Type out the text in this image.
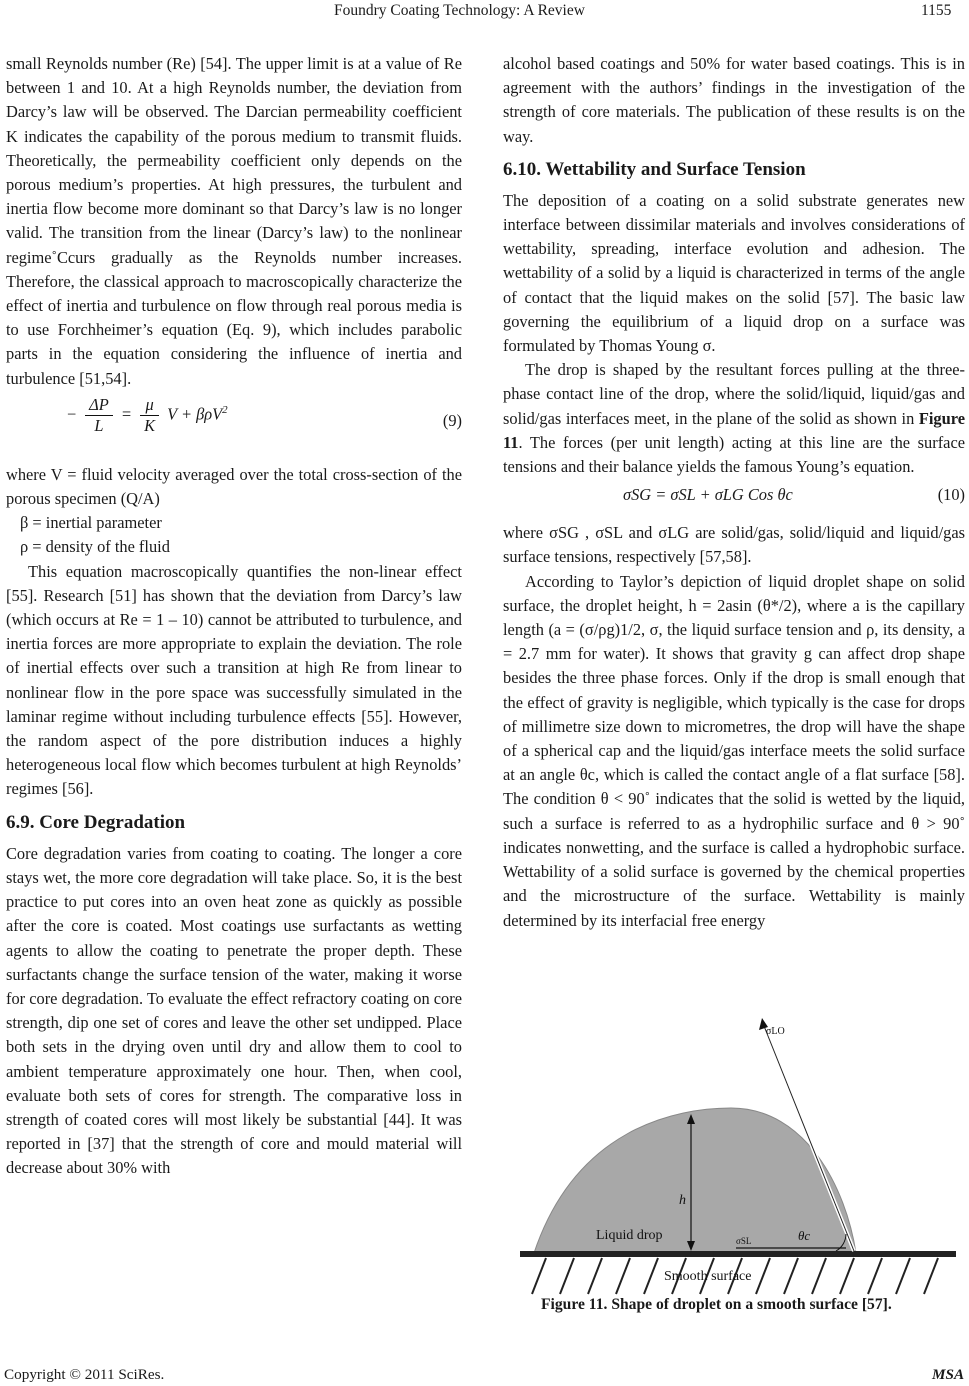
Foundry Coating Technology: A Review	1155

small Reynolds number (Re) [54]. The upper limit is at a value of Re between 1 and 10. At a high Reynolds number, the deviation from Darcy’s law will be observed. The Darcian permeability coefficient K indicates the capability of the porous medium to transmit fluids. Theoretically, the permeability coefficient only depends on the porous medium’s properties. At high pressures, the turbulent and inertia flow become more dominant so that Darcy’s law is no longer valid. The transition from the linear (Darcy’s law) to the nonlinear regime˚Ccurs gradually as the Reynolds number increases. Therefore, the classical approach to macroscopically characterize the effect of inertia and turbulence on flow through real porous media is to use Forchheimer’s equation (Eq. 9), which includes parabolic parts in the equation considering the influence of inertia and turbulence [51,54].

− $\frac{\Delta P}{L} = \frac{\mu}{K}$ V + βρV$^2$
(9)

where V = fluid velocity averaged over the total cross-section of the porous specimen (Q/A)

β = inertial parameter

ρ = density of the fluid

This equation macroscopically quantifies the non-linear effect [55]. Research [51] has shown that the deviation from Darcy’s law (which occurs at Re = 1 – 10) cannot be attributed to turbulence, and inertia forces are more appropriate to explain the deviation. The role of inertial effects over such a transition at high Re from linear to nonlinear flow in the pore space was successfully simulated in the laminar regime without including turbulence effects [55]. However, the random aspect of the pore distribution induces a highly heterogeneous local flow which becomes turbulent at high Reynolds’ regimes [56].

6.9. Core Degradation

Core degradation varies from coating to coating. The longer a core stays wet, the more core degradation will take place. So, it is the best practice to put cores into an oven heat zone as quickly as possible after the core is coated. Most coatings use surfactants as wetting agents to allow the coating to penetrate the proper depth. These surfactants change the surface tension of the water, making it worse for core degradation. To evaluate the effect refractory coating on core strength, dip one set of cores and leave the other set undipped. Place both sets in the drying oven until dry and allow them to cool to ambient temperature approximately one hour. Then, when cool, evaluate both sets of cores for strength. The comparative loss in strength of coated cores will most likely be substantial [44]. It was reported in [37] that the strength of core and mould material will decrease about 30% with

alcohol based coatings and 50% for water based coatings. This is in agreement with the authors’ findings in the investigation of the strength of core materials. The publication of these results is on the way.

6.10. Wettability and Surface Tension

The deposition of a coating on a solid substrate generates new interface between dissimilar materials and involves considerations of wettability, spreading, interface evolution and adhesion. The wettability of a solid by a liquid is characterized in terms of the angle of contact that the liquid makes on the solid [57]. The basic law governing the equilibrium of a liquid drop on a surface was formulated by Thomas Young σ.

The drop is shaped by the resultant forces pulling at the three-phase contact line of the drop, where the solid/liquid, liquid/gas and solid/gas interfaces meet, in the plane of the solid as shown in Figure 11. The forces (per unit length) acting at this line are the surface tensions and their balance yields the famous Young’s equation.

σSG = σSL + σLG Cos θc	(10)

where σSG , σSL and σLG are solid/gas, solid/liquid and liquid/gas surface tensions, respectively [57,58].

According to Taylor’s depiction of liquid droplet shape on solid surface, the droplet height, h = 2asin (θ*/2), where a is the capillary length (a = (σ/ρg)1/2, σ, the liquid surface tension and ρ, its density, a = 2.7 mm for water). It shows that gravity g can affect drop shape besides the three phase forces. Only if the drop is small enough that the effect of gravity is negligible, which typically is the case for drops of millimetre size down to micrometres, the drop will have the shape of a spherical cap and the liquid/gas interface meets the solid surface at an angle θc, which is called the contact angle of a flat surface [58]. The condition θ < 90˚ indicates that the solid is wetted by the liquid, such a surface is referred to as a hydrophilic surface and θ > 90˚ indicates nonwetting, and the surface is called a hydrophobic surface. Wettability of a solid surface is governed by the chemical properties and the microstructure of the surface. Wettability is mainly determined by its interfacial free energy

σLO
h
Liquid drop	σSL	θc
Smooth surface
Figure 11. Shape of droplet on a smooth surface [57].
Copyright © 2011 SciRes.	MSA
